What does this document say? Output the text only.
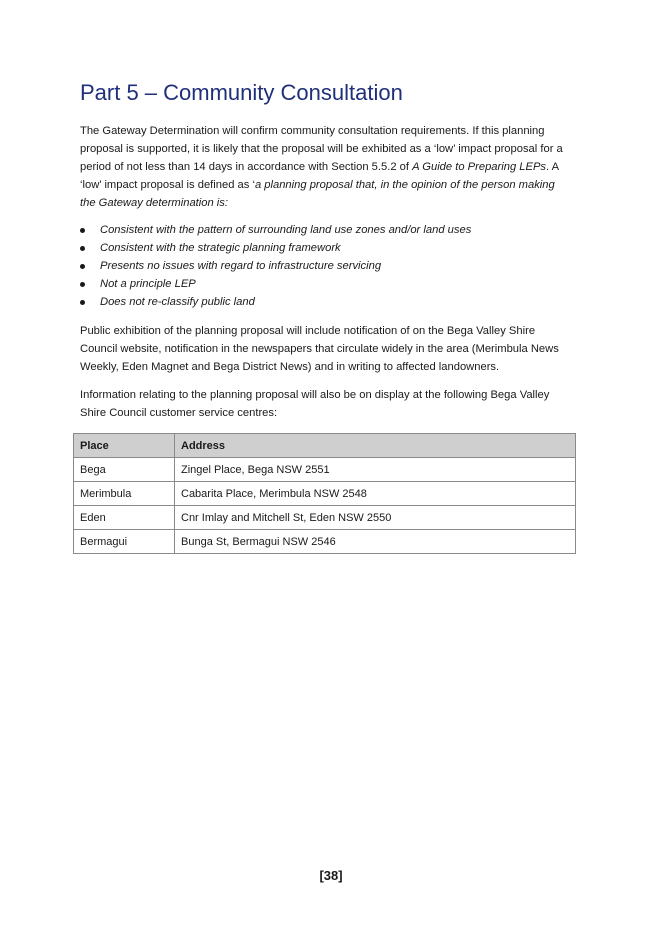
Part 5 – Community Consultation

The Gateway Determination will confirm community consultation requirements. If this planning proposal is supported, it is likely that the proposal will be exhibited as a ‘low’ impact proposal for a period of not less than 14 days in accordance with Section 5.5.2 of A Guide to Preparing LEPs. A ‘low’ impact proposal is defined as ‘a planning proposal that, in the opinion of the person making the Gateway determination is:

Consistent with the pattern of surrounding land use zones and/or land uses
Consistent with the strategic planning framework
Presents no issues with regard to infrastructure servicing
Not a principle LEP
Does not re-classify public land

Public exhibition of the planning proposal will include notification of on the Bega Valley Shire Council website, notification in the newspapers that circulate widely in the area (Merimbula News Weekly, Eden Magnet and Bega District News) and in writing to affected landowners.

Information relating to the planning proposal will also be on display at the following Bega Valley Shire Council customer service centres:

Place	Address
Bega	Zingel Place, Bega NSW 2551
Merimbula	Cabarita Place, Merimbula NSW 2548
Eden	Cnr Imlay and Mitchell St, Eden NSW 2550
Bermagui	Bunga St, Bermagui NSW 2546
[38]
